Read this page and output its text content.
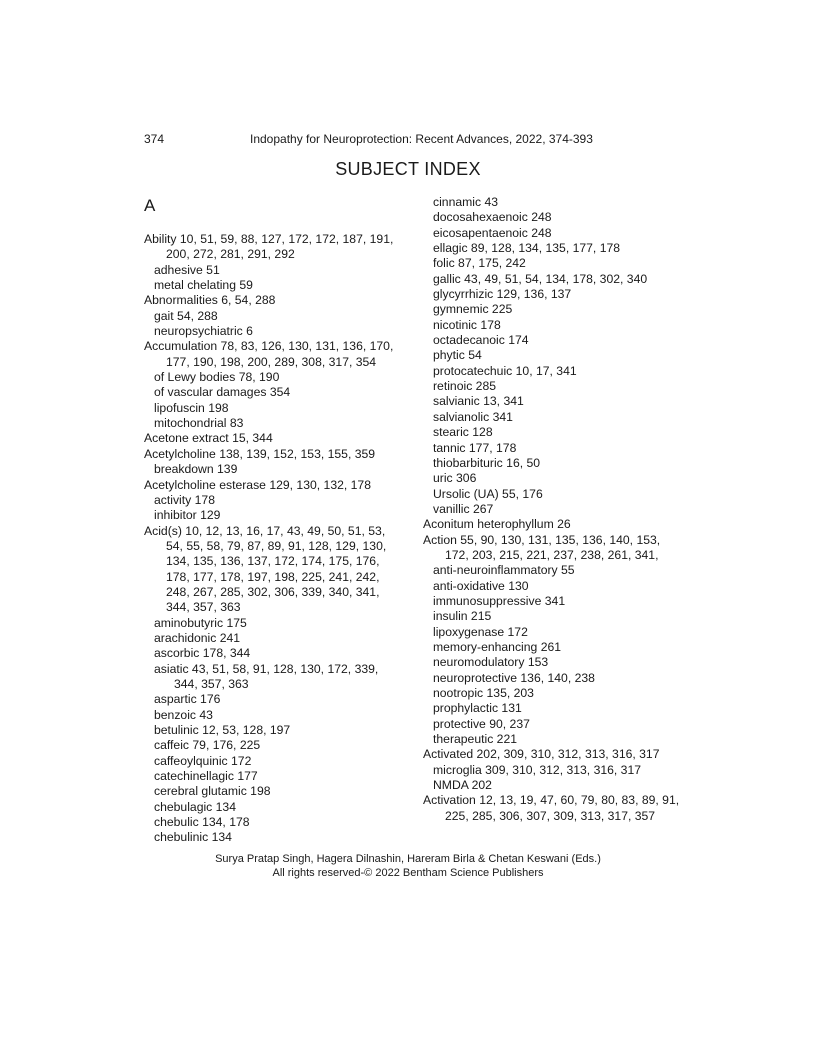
374	Indopathy for Neuroprotection: Recent Advances, 2022, 374-393
SUBJECT INDEX
A

Ability 10, 51, 59, 88, 127, 172, 172, 187, 191, 200, 272, 281, 291, 292

adhesive 51

metal chelating 59

Abnormalities 6, 54, 288

gait 54, 288

neuropsychiatric 6

Accumulation 78, 83, 126, 130, 131, 136, 170, 177, 190, 198, 200, 289, 308, 317, 354

of Lewy bodies 78, 190

of vascular damages 354

lipofuscin 198

mitochondrial 83

Acetone extract 15, 344

Acetylcholine 138, 139, 152, 153, 155, 359

breakdown 139

Acetylcholine esterase 129, 130, 132, 178

activity 178

inhibitor 129

Acid(s) 10, 12, 13, 16, 17, 43, 49, 50, 51, 53, 54, 55, 58, 79, 87, 89, 91, 128, 129, 130, 134, 135, 136, 137, 172, 174, 175, 176, 178, 177, 178, 197, 198, 225, 241, 242, 248, 267, 285, 302, 306, 339, 340, 341, 344, 357, 363

aminobutyric 175

arachidonic 241

ascorbic 178, 344

asiatic 43, 51, 58, 91, 128, 130, 172, 339, 344, 357, 363

aspartic 176

benzoic 43

betulinic 12, 53, 128, 197

caffeic 79, 176, 225

caffeoylquinic 172

catechinellagic 177

cerebral glutamic 198

chebulagic 134

chebulic 134, 178

chebulinic 134

cinnamic 43

docosahexaenoic 248

eicosapentaenoic 248

ellagic 89, 128, 134, 135, 177, 178

folic 87, 175, 242

gallic 43, 49, 51, 54, 134, 178, 302, 340

glycyrrhizic 129, 136, 137

gymnemic 225

nicotinic 178

octadecanoic 174

phytic 54

protocatechuic 10, 17, 341

retinoic 285

salvianic 13, 341

salvianolic 341

stearic 128

tannic 177, 178

thiobarbituric 16, 50

uric 306

Ursolic (UA) 55, 176

vanillic 267

Aconitum heterophyllum 26

Action 55, 90, 130, 131, 135, 136, 140, 153, 172, 203, 215, 221, 237, 238, 261, 341,

anti-neuroinflammatory 55

anti-oxidative 130

immunosuppressive 341

insulin 215

lipoxygenase 172

memory-enhancing 261

neuromodulatory 153

neuroprotective 136, 140, 238

nootropic 135, 203

prophylactic 131

protective 90, 237

therapeutic 221

Activated 202, 309, 310, 312, 313, 316, 317

microglia 309, 310, 312, 313, 316, 317

NMDA 202

Activation 12, 13, 19, 47, 60, 79, 80, 83, 89, 91, 225, 285, 306, 307, 309, 313, 317, 357

Surya Pratap Singh, Hagera Dilnashin, Hareram Birla & Chetan Keswani (Eds.)
All rights reserved-© 2022 Bentham Science Publishers
